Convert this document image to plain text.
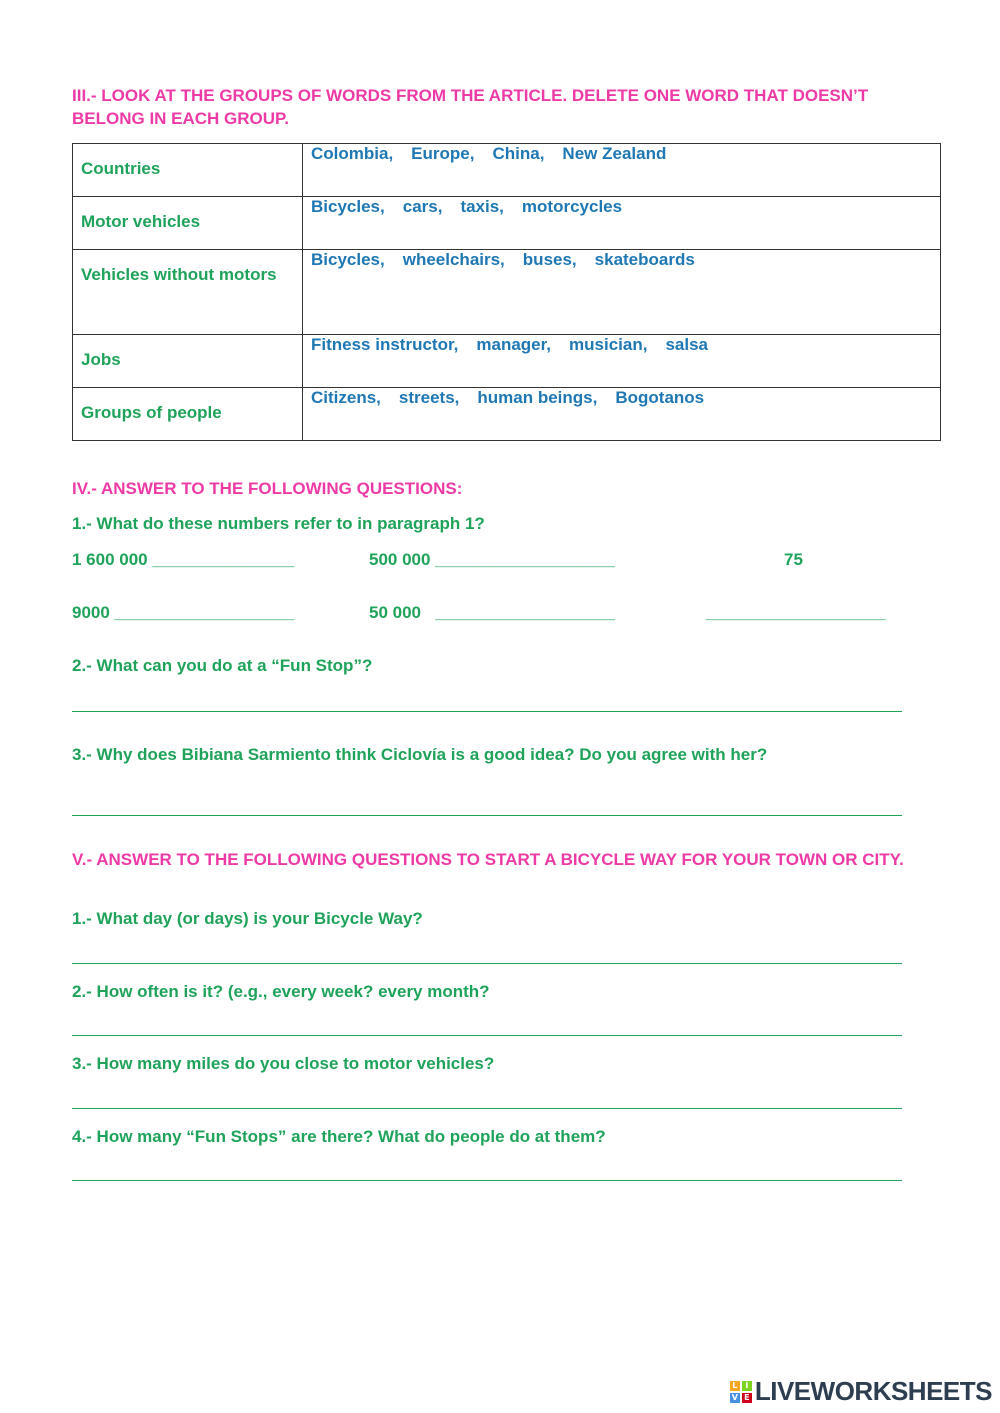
III.- LOOK AT THE GROUPS OF WORDS FROM THE ARTICLE. DELETE ONE WORD THAT DOESN’T BELONG IN EACH GROUP.
Countries	Colombia, Europe, China, New Zealand
Motor vehicles	Bicycles, cars, taxis, motorcycles
Vehicles without motors	Bicycles, wheelchairs, buses, skateboards
Jobs	Fitness instructor, manager, musician, salsa
Groups of people	Citizens, streets, human beings, Bogotanos
IV.- ANSWER TO THE FOLLOWING QUESTIONS:
1.- What do these numbers refer to in paragraph 1?
1 600 000 _______________	500 000 ___________________	75
9000 ___________________	50 000   ___________________	___________________
2.- What can you do at a “Fun Stop”?
3.- Why does Bibiana Sarmiento think Ciclovía is a good idea? Do you agree with her?
V.- ANSWER TO THE FOLLOWING QUESTIONS TO START A BICYCLE WAY FOR YOUR TOWN OR CITY.
1.- What day (or days) is your Bicycle Way?
2.- How often is it? (e.g., every week? every month?
3.- How many miles do you close to motor vehicles?
4.- How many “Fun Stops” are there? What do people do at them?
L I
V E LIVEWORKSHEETS
